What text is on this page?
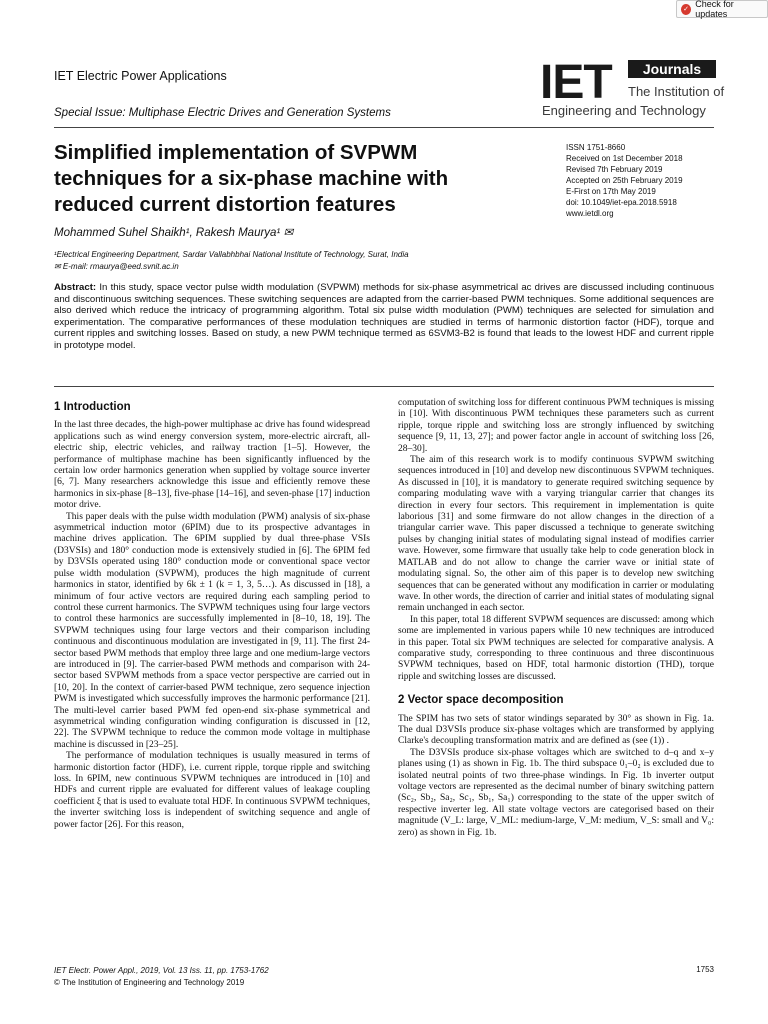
✓ Check for updates
IET Electric Power Applications
Special Issue: Multiphase Electric Drives and Generation Systems
IET	Journals
The Institution of
Engineering and Technology
Simplified implementation of SVPWM techniques for a six-phase machine with reduced current distortion features
ISSN 1751-8660
Received on 1st December 2018
Revised 7th February 2019
Accepted on 25th February 2019
E-First on 17th May 2019
doi: 10.1049/iet-epa.2018.5918
www.ietdl.org
Mohammed Suhel Shaikh¹, Rakesh Maurya¹ ✉
¹Electrical Engineering Department, Sardar Vallabhbhai National Institute of Technology, Surat, India
✉ E-mail: rmaurya@eed.svnit.ac.in
Abstract: In this study, space vector pulse width modulation (SVPWM) methods for six-phase asymmetrical ac drives are discussed including continuous and discontinuous switching sequences. These switching sequences are adapted from the carrier-based PWM techniques. Some additional sequences are also derived which reduce the intricacy of programming algorithm. Total six pulse width modulation (PWM) techniques are selected for simulation and experimentation. The comparative performances of these modulation techniques are studied in terms of harmonic distortion factor (HDF), torque and current ripples and switching losses. Based on study, a new PWM technique termed as 6SVM3-B2 is found that leads to the lowest HDF and current ripple in prototype model.
1 Introduction

In the last three decades, the high-power multiphase ac drive has found widespread applications such as wind energy conversion system, more-electric aircraft, all-electric ship, electric vehicles, and railway traction [1–5]. However, the performance of multiphase machine has been significantly influenced by the certain low order harmonics generation when supplied by voltage source inverter [6, 7]. Many researchers acknowledge this issue and efficiently remove these harmonics in six-phase [8–13], five-phase [14–16], and seven-phase [17] induction motor drive.

This paper deals with the pulse width modulation (PWM) analysis of six-phase asymmetrical induction motor (6PIM) due to its prospective advantages in machine drives application. The 6PIM supplied by dual three-phase VSIs (D3VSIs) and 180° conduction mode is extensively studied in [6]. The 6PIM fed by D3VSIs operated using 180° conduction mode or conventional space vector pulse width modulation (SVPWM), produces the high magnitude of current harmonics in stator, identified by 6k ± 1 (k = 1, 3, 5…). As discussed in [18], a minimum of four active vectors are required during each sampling period to control these current harmonics. The SVPWM techniques using four large vectors to control these harmonics are successfully implemented in [8–10, 18, 19]. The SVPWM techniques using four large vectors and their comparison including continuous and discontinuous modulation are investigated in [9, 11]. The first 24-sector based PWM methods that employ three large and one medium-large vectors are introduced in [9]. The carrier-based PWM methods and comparison with 24-sector based SVPWM methods from a space vector perspective are carried out in [10, 20]. In the context of carrier-based PWM technique, zero sequence injection PWM is investigated which successfully improves the harmonic performance [21]. The multi-level carrier based PWM fed open-end six-phase symmetrical and asymmetrical winding configuration winding configuration is discussed in [12, 22]. The SVPWM technique to reduce the common mode voltage in multiphase machine is discussed in [23–25].

The performance of modulation techniques is usually measured in terms of harmonic distortion factor (HDF), i.e. current ripple, torque ripple and switching loss. In 6PIM, new continuous SVPWM techniques are introduced in [10] and HDFs and current ripple are evaluated for different values of leakage coupling coefficient ξ that is used to evaluate total HDF. In continuous SVPWM techniques, the inverter switching loss is independent of switching sequence and angle of power factor [26]. For this reason,

computation of switching loss for different continuous PWM techniques is missing in [10]. With discontinuous PWM techniques these parameters such as current ripple, torque ripple and switching loss are strongly influenced by switching sequence [9, 11, 13, 27]; and power factor angle in account of switching loss [26, 28–30].

The aim of this research work is to modify continuous SVPWM switching sequences introduced in [10] and develop new discontinuous SVPWM techniques. As discussed in [10], it is mandatory to generate required switching sequence by comparing modulating wave with a varying triangular carrier that changes its direction in every four sectors. This requirement in implementation is quite laborious [31] and some firmware do not allow changes in the direction of a triangular carrier wave. This paper discussed a technique to generate switching pulses by changing initial states of modulating signal instead of modifies carrier wave. However, some firmware that usually take help to code generation block in MATLAB and do not allow to change the carrier wave or initial state of modulating signal. So, the other aim of this paper is to develop new switching sequences that can be generated without any modification in carrier or modulating wave. In other words, the direction of carrier and initial states of modulating signal remain unchanged in each sector.

In this paper, total 18 different SVPWM sequences are discussed: among which some are implemented in various papers while 10 new techniques are introduced in this paper. Total six PWM techniques are selected for comparative analysis. A comparative study, corresponding to three continuous and three discontinuous SVPWM techniques, based on HDF, total harmonic distortion (THD), torque ripple and switching losses are discussed.

2 Vector space decomposition

The SPIM has two sets of stator windings separated by 30° as shown in Fig. 1a. The dual D3VSIs produce six-phase voltages which are transformed by applying Clarke's decoupling transformation matrix and are defined as (see (1)) .

The D3VSIs produce six-phase voltages which are switched to d–q and x–y planes using (1) as shown in Fig. 1b. The third subspace 0₁–0₂ is excluded due to isolated neutral points of two three-phase windings. In Fig. 1b inverter output voltage vectors are represented as the decimal number of binary switching pattern (Sc₂, Sb₂, Sa₂, Sc₁, Sb₁, Sa₁) corresponding to the state of the upper switch of respective inverter leg. All state voltage vectors are categorised based on their magnitude (V_L: large, V_ML: medium-large, V_M: medium, V_S: small and V₀: zero) as shown in Fig. 1b.

IET Electr. Power Appl., 2019, Vol. 13 Iss. 11, pp. 1753-1762
© The Institution of Engineering and Technology 2019
1753
